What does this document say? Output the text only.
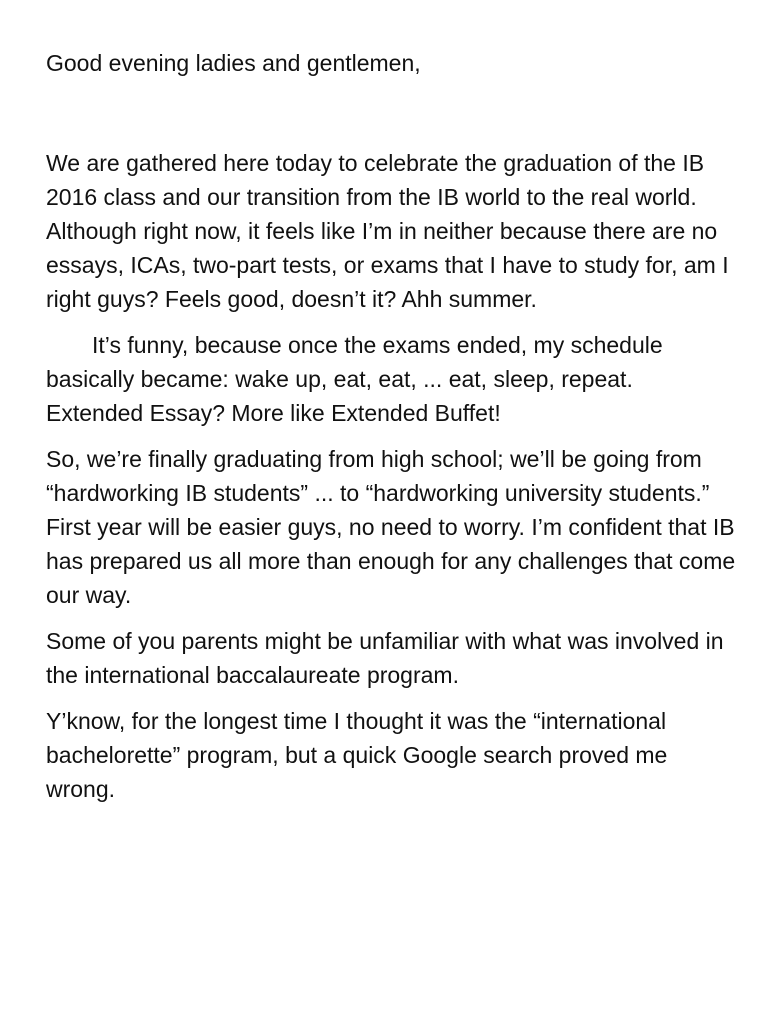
Good evening ladies and gentlemen,

We are gathered here today to celebrate the graduation of the IB 2016 class and our transition from the IB world to the real world. Although right now, it feels like I’m in neither because there are no essays, ICAs, two-part tests, or exams that I have to study for, am I right guys? Feels good, doesn’t it? Ahh summer.

It’s funny, because once the exams ended, my schedule basically became: wake up, eat, eat, ... eat, sleep, repeat. Extended Essay? More like Extended Buffet!

So, we’re finally graduating from high school; we’ll be going from “hardworking IB students” ... to “hardworking university students.” First year will be easier guys, no need to worry. I’m confident that IB has prepared us all more than enough for any challenges that come our way.

Some of you parents might be unfamiliar with what was involved in the international baccalaureate program.

Y’know, for the longest time I thought it was the “international bachelorette” program, but a quick Google search proved me wrong.
